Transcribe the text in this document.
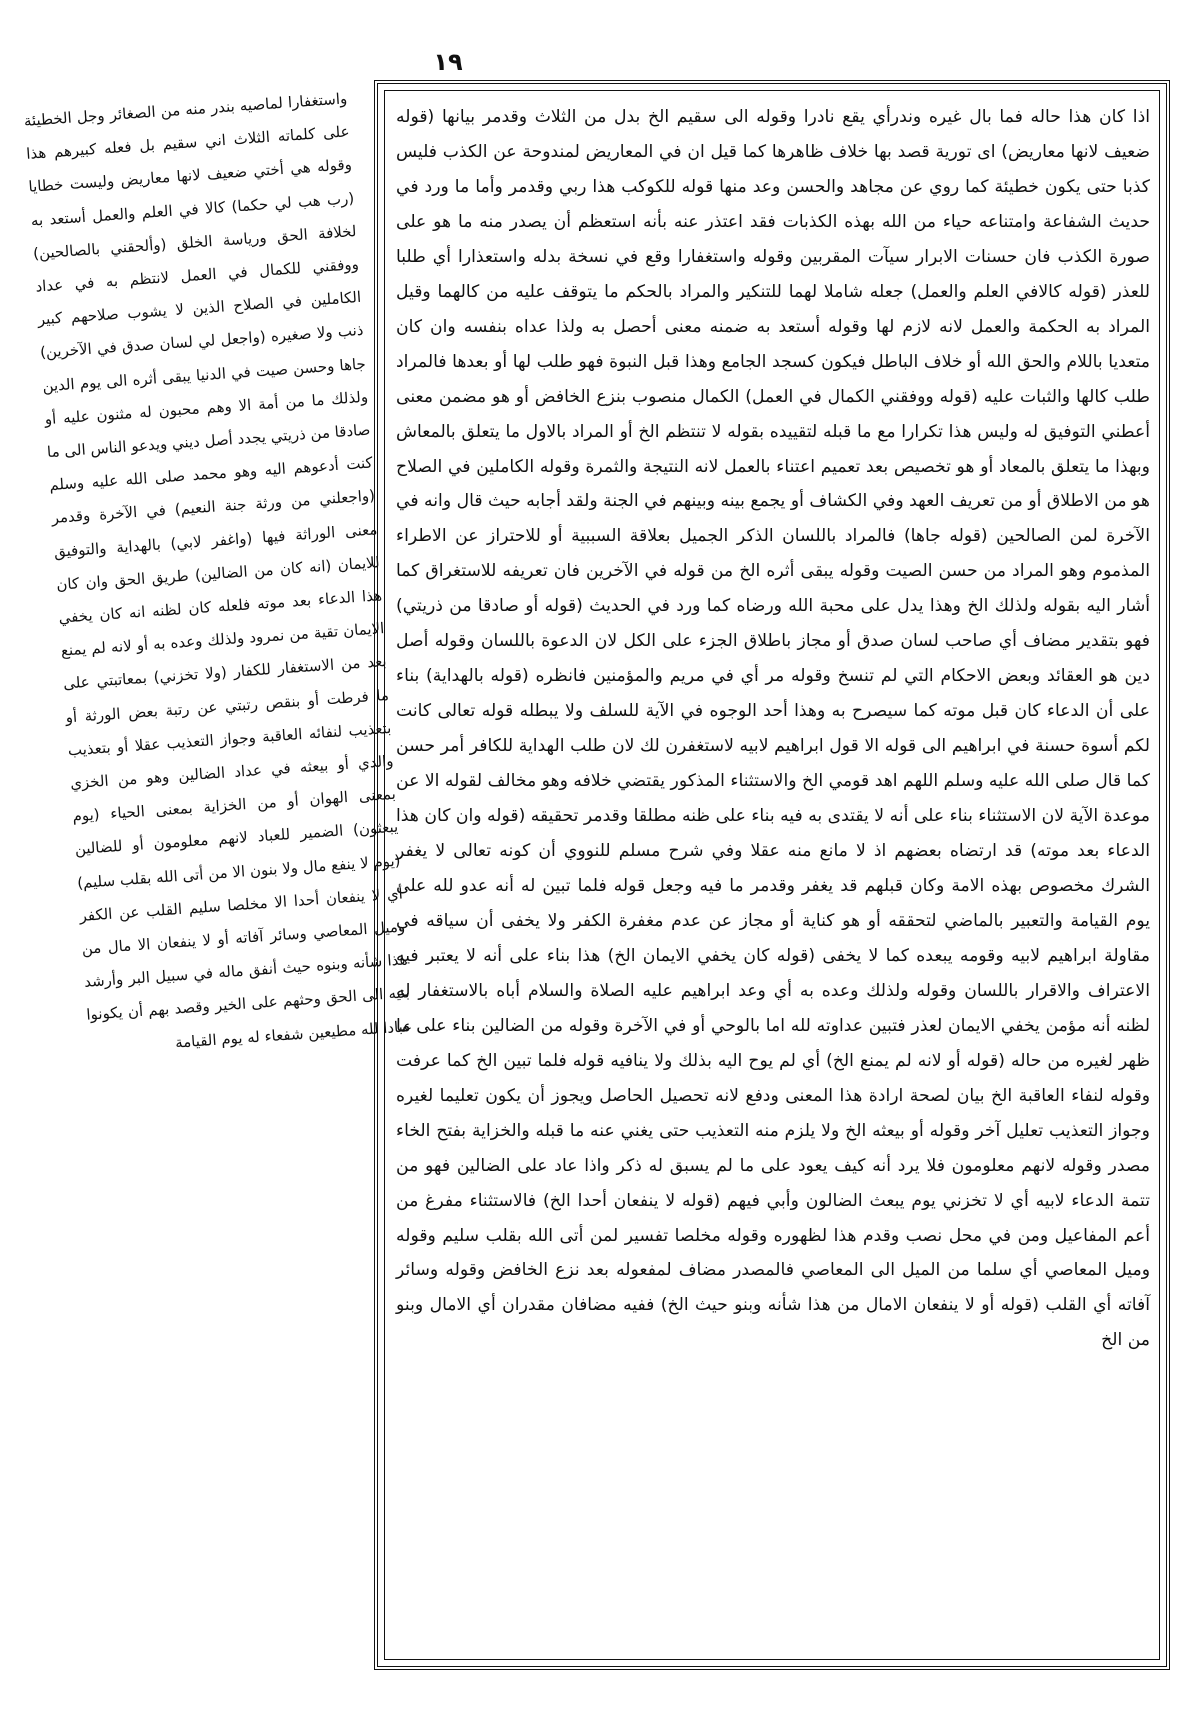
١٩

واستغفارا لماصيه بندر منه من الصغائر وجل الخطيئة على كلماته الثلاث اني سقيم بل فعله كبيرهم هذا وقوله هي أختي ضعيف لانها معاريض وليست خطايا (رب هب لي حكما) كالا في العلم والعمل أستعد به لخلافة الحق ورياسة الخلق (وألحقني بالصالحين) ووفقني للكمال في العمل لانتظم به في عداد الكاملين في الصلاح الذين لا يشوب صلاحهم كبير ذنب ولا صغيره (واجعل لي لسان صدق في الآخرين) جاها وحسن صيت في الدنيا يبقى أثره الى يوم الدين ولذلك ما من أمة الا وهم محبون له مثنون عليه أو صادقا من ذريتي يجدد أصل ديني ويدعو الناس الى ما كنت أدعوهم اليه وهو محمد صلى الله عليه وسلم (واجعلني من ورثة جنة النعيم) في الآخرة وقدمر معنى الوراثة فيها (واغفر لابي) بالهداية والتوفيق للايمان (انه كان من الضالين) طريق الحق وان كان هذا الدعاء بعد موته فلعله كان لظنه انه كان يخفي الايمان تقية من نمرود ولذلك وعده به أو لانه لم يمنع بعد من الاستغفار للكفار (ولا تخزني) بمعاتبتي على ما فرطت أو بنقص رتبتي عن رتبة بعض الورثة أو بتعذيب لنفائه العاقبة وجواز التعذيب عقلا أو بتعذيب والدي أو بيعثه في عداد الضالين وهو من الخزي بمعنى الهوان أو من الخزاية بمعنى الحياء (يوم يبعثون) الضمير للعباد لانهم معلومون أو للضالين (يوم لا ينفع مال ولا بنون الا من أتى الله بقلب سليم) أي لا ينفعان أحدا الا مخلصا سليم القلب عن الكفر وميل المعاصي وسائر آفاته أو لا ينفعان الا مال من هذا شأنه وبنوه حيث أنفق ماله في سبيل البر وأرشد بنيه الى الحق وحثهم على الخير وقصد بهم أن يكونوا عبادا لله مطيعين شفعاء له يوم القيامة

اذا كان هذا حاله فما بال غيره وندرأي يقع نادرا وقوله الى سقيم الخ بدل من الثلاث وقدمر بيانها (قوله ضعيف لانها معاريض) اى تورية قصد بها خلاف ظاهرها كما قيل ان في المعاريض لمندوحة عن الكذب فليس كذبا حتى يكون خطيئة كما روي عن مجاهد والحسن وعد منها قوله للكوكب هذا ربي وقدمر وأما ما ورد في حديث الشفاعة وامتناعه حياء من الله بهذه الكذبات فقد اعتذر عنه بأنه استعظم أن يصدر منه ما هو على صورة الكذب فان حسنات الابرار سيآت المقربين وقوله واستغفارا وقع في نسخة بدله واستعذارا أي طلبا للعذر (قوله كالافي العلم والعمل) جعله شاملا لهما للتنكير والمراد بالحكم ما يتوقف عليه من كالهما وقيل المراد به الحكمة والعمل لانه لازم لها وقوله أستعد به ضمنه معنى أحصل به ولذا عداه بنفسه وان كان متعديا باللام والحق الله أو خلاف الباطل فيكون كسجد الجامع وهذا قبل النبوة فهو طلب لها أو بعدها فالمراد طلب كالها والثبات عليه (قوله ووفقني الكمال في العمل) الكمال منصوب بنزع الخافض أو هو مضمن معنى أعطني التوفيق له وليس هذا تكرارا مع ما قبله لتقييده بقوله لا تنتظم الخ أو المراد بالاول ما يتعلق بالمعاش وبهذا ما يتعلق بالمعاد أو هو تخصيص بعد تعميم اعتناء بالعمل لانه النتيجة والثمرة وقوله الكاملين في الصلاح هو من الاطلاق أو من تعريف العهد وفي الكشاف أو يجمع بينه وبينهم في الجنة ولقد أجابه حيث قال وانه في الآخرة لمن الصالحين (قوله جاها) فالمراد باللسان الذكر الجميل بعلاقة السببية أو للاحتراز عن الاطراء المذموم وهو المراد من حسن الصيت وقوله يبقى أثره الخ من قوله في الآخرين فان تعريفه للاستغراق كما أشار اليه بقوله ولذلك الخ وهذا يدل على محبة الله ورضاه كما ورد في الحديث (قوله أو صادقا من ذريتي) فهو بتقدير مضاف أي صاحب لسان صدق أو مجاز باطلاق الجزء على الكل لان الدعوة باللسان وقوله أصل دين هو العقائد وبعض الاحكام التي لم تنسخ وقوله مر أي في مريم والمؤمنين فانظره (قوله بالهداية) بناء على أن الدعاء كان قبل موته كما سيصرح به وهذا أحد الوجوه في الآية للسلف ولا يبطله قوله تعالى كانت لكم أسوة حسنة في ابراهيم الى قوله الا قول ابراهيم لابيه لاستغفرن لك لان طلب الهداية للكافر أمر حسن كما قال صلى الله عليه وسلم اللهم اهد قومي الخ والاستثناء المذكور يقتضي خلافه وهو مخالف لقوله الا عن موعدة الآية لان الاستثناء بناء على أنه لا يقتدى به فيه بناء على ظنه مطلقا وقدمر تحقيقه (قوله وان كان هذا الدعاء بعد موته) قد ارتضاه بعضهم اذ لا مانع منه عقلا وفي شرح مسلم للنووي أن كونه تعالى لا يغفر الشرك مخصوص بهذه الامة وكان قبلهم قد يغفر وقدمر ما فيه وجعل قوله فلما تبين له أنه عدو لله على يوم القيامة والتعبير بالماضي لتحققه أو هو كناية أو مجاز عن عدم مغفرة الكفر ولا يخفى أن سياقه في مقاولة ابراهيم لابيه وقومه يبعده كما لا يخفى (قوله كان يخفي الايمان الخ) هذا بناء على أنه لا يعتبر فيه الاعتراف والاقرار باللسان وقوله ولذلك وعده به أي وعد ابراهيم عليه الصلاة والسلام أباه بالاستغفار له لظنه أنه مؤمن يخفي الايمان لعذر فتبين عداوته لله اما بالوحي أو في الآخرة وقوله من الضالين بناء على ما ظهر لغيره من حاله (قوله أو لانه لم يمنع الخ) أي لم يوح اليه بذلك ولا ينافيه قوله فلما تبين الخ كما عرفت وقوله لنفاء العاقبة الخ بيان لصحة ارادة هذا المعنى ودفع لانه تحصيل الحاصل ويجوز أن يكون تعليما لغيره وجواز التعذيب تعليل آخر وقوله أو بيعثه الخ ولا يلزم منه التعذيب حتى يغني عنه ما قبله والخزاية بفتح الخاء مصدر وقوله لانهم معلومون فلا يرد أنه كيف يعود على ما لم يسبق له ذكر واذا عاد على الضالين فهو من تتمة الدعاء لابيه أي لا تخزني يوم يبعث الضالون وأبي فيهم (قوله لا ينفعان أحدا الخ) فالاستثناء مفرغ من أعم المفاعيل ومن في محل نصب وقدم هذا لظهوره وقوله مخلصا تفسير لمن أتى الله بقلب سليم وقوله وميل المعاصي أي سلما من الميل الى المعاصي فالمصدر مضاف لمفعوله بعد نزع الخافض وقوله وسائر آفاته أي القلب (قوله أو لا ينفعان الامال من هذا شأنه وبنو حيث الخ) ففيه مضافان مقدران أي الامال وبنو من الخ
